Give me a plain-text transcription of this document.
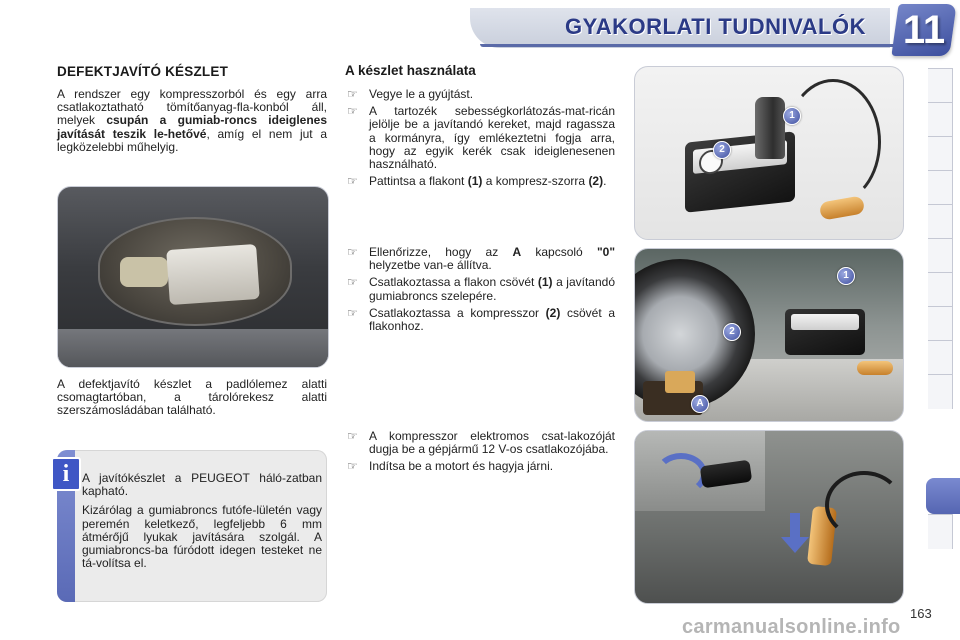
GYAKORLATI TUDNIVALÓK 11
DEFEKTJAVÍTÓ KÉSZLET

A rendszer egy kompresszorból és egy arra csatlakoztatható tömítőanyag-fla-konból áll, melyek csupán a gumiab-roncs ideiglenes javítását teszik le-hetővé, amíg el nem jut a legközelebbi műhelyig.

A defektjavító készlet a padlólemez alatti csomagtartóban, a tárolórekesz alatti szerszámosládában található.

i	A javítókészlet a PEUGEOT háló-zatban kapható.

Kizárólag a gumiabroncs futófe-lületén vagy peremén keletkező, legfeljebb 6 mm átmérőjű lyukak javítására szolgál. A gumiabroncs-ba fúródott idegen testeket ne tá-volítsa el.

A készlet használata
☞ Vegye le a gyújtást.
☞ A tartozék sebességkorlátozás-mat-ricán jelölje be a javítandó kereket, majd ragassza a kormányra, így emlékeztetni fogja arra, hogy az egyik kerék csak ideiglenesenen használható.
☞ Pattintsa a flakont (1) a kompresz-szorra (2).
☞ Ellenőrizze, hogy az A kapcsoló "0" helyzetbe van-e állítva.
☞ Csatlakoztassa a flakon csövét (1) a javítandó gumiabroncs szelepére.
☞ Csatlakoztassa a kompresszor (2) csövét a flakonhoz.
☞ A kompresszor elektromos csat-lakozóját dugja be a gépjármű 12 V-os csatlakozójába.
☞ Indítsa be a motort és hagyja járni.
1
2
1
2
A
163
carmanualsonline.info
